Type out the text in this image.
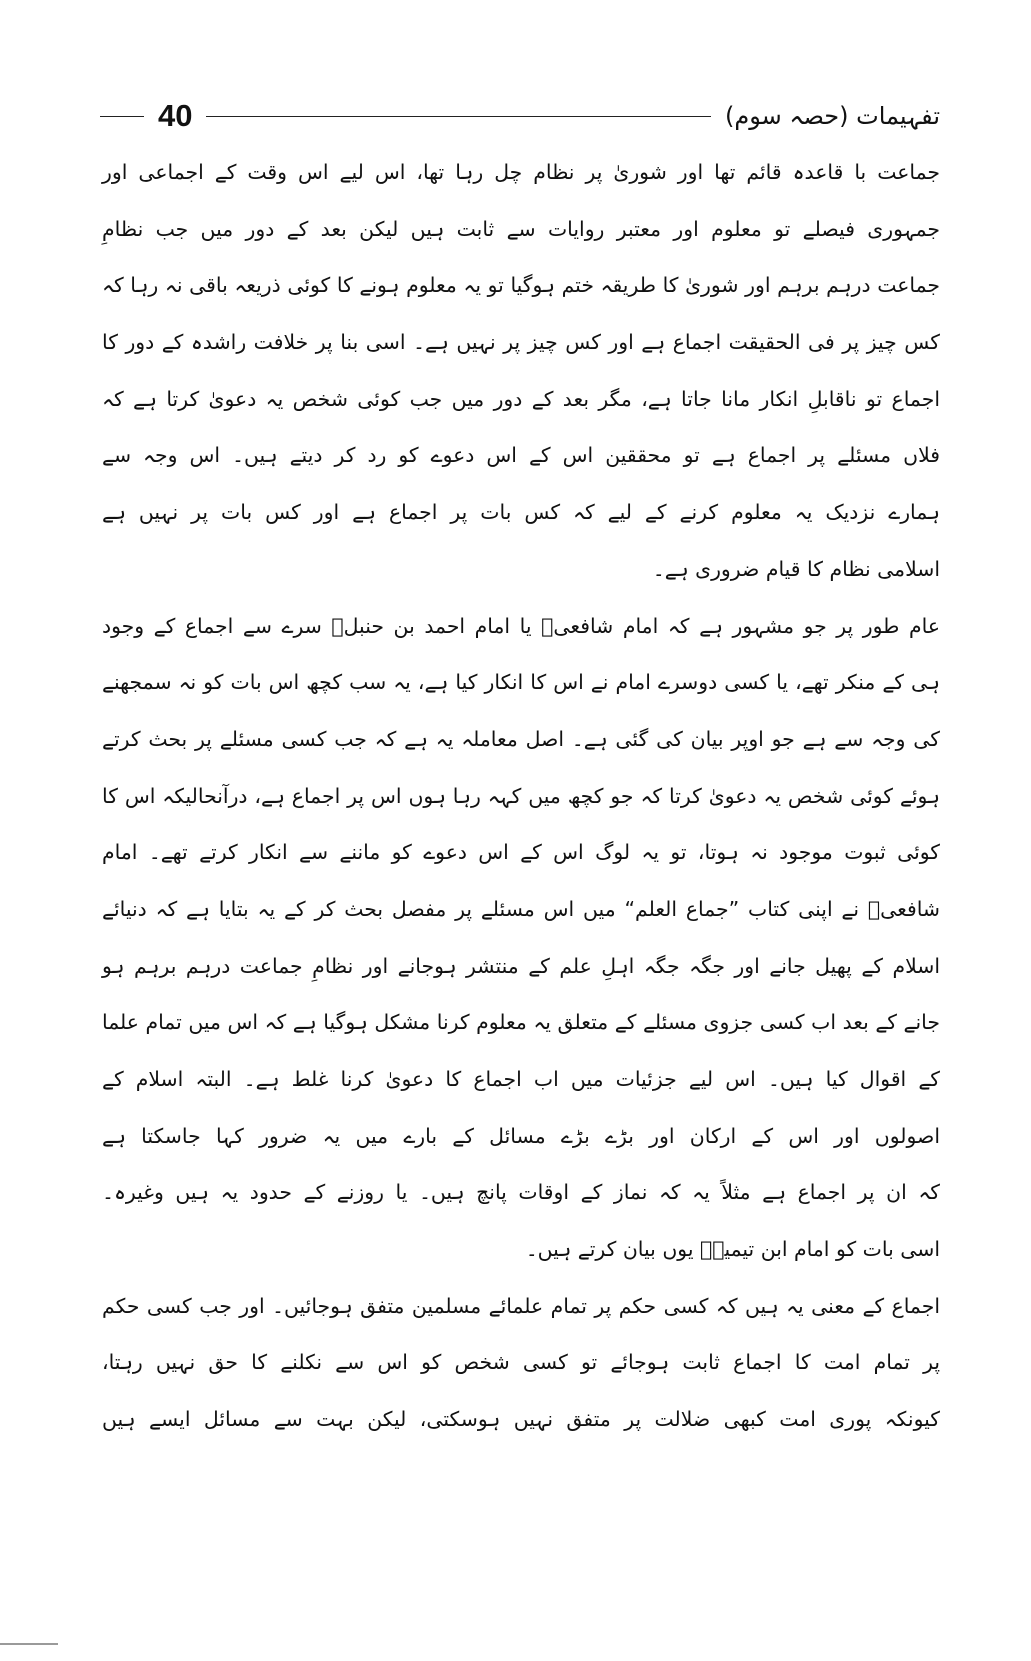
تفہیمات (حصہ سوم)
40
جماعت با قاعدہ قائم تھا اور شوریٰ پر نظام چل رہا تھا، اس لیے اس وقت کے اجماعی اور
جمہوری فیصلے تو معلوم اور معتبر روایات سے ثابت ہیں لیکن بعد کے دور میں جب نظامِ
جماعت درہم برہم اور شوریٰ کا طریقہ ختم ہوگیا تو یہ معلوم ہونے کا کوئی ذریعہ باقی نہ رہا کہ
کس چیز پر فی الحقیقت اجماع ہے اور کس چیز پر نہیں ہے۔ اسی بنا پر خلافت راشدہ کے دور کا
اجماع تو ناقابلِ انکار مانا جاتا ہے، مگر بعد کے دور میں جب کوئی شخص یہ دعویٰ کرتا ہے کہ
فلاں مسئلے پر اجماع ہے تو محققین اس کے اس دعوے کو رد کر دیتے ہیں۔ اس وجہ سے
ہمارے نزدیک یہ معلوم کرنے کے لیے کہ کس بات پر اجماع ہے اور کس بات پر نہیں ہے
اسلامی نظام کا قیام ضروری ہے۔
عام طور پر جو مشہور ہے کہ امام شافعیؒ یا امام احمد بن حنبلؒ سرے سے اجماع کے وجود
ہی کے منکر تھے، یا کسی دوسرے امام نے اس کا انکار کیا ہے، یہ سب کچھ اس بات کو نہ سمجھنے
کی وجہ سے ہے جو اوپر بیان کی گئی ہے۔ اصل معاملہ یہ ہے کہ جب کسی مسئلے پر بحث کرتے
ہوئے کوئی شخص یہ دعویٰ کرتا کہ جو کچھ میں کہہ رہا ہوں اس پر اجماع ہے، درآنحالیکہ اس کا
کوئی ثبوت موجود نہ ہوتا، تو یہ لوگ اس کے اس دعوے کو ماننے سے انکار کرتے تھے۔ امام
شافعیؒ نے اپنی کتاب ”جماع العلم“ میں اس مسئلے پر مفصل بحث کر کے یہ بتایا ہے کہ دنیائے
اسلام کے پھیل جانے اور جگہ جگہ اہلِ علم کے منتشر ہوجانے اور نظامِ جماعت درہم برہم ہو
جانے کے بعد اب کسی جزوی مسئلے کے متعلق یہ معلوم کرنا مشکل ہوگیا ہے کہ اس میں تمام علما
کے اقوال کیا ہیں۔ اس لیے جزئیات میں اب اجماع کا دعویٰ کرنا غلط ہے۔ البتہ اسلام کے
اصولوں اور اس کے ارکان اور بڑے بڑے مسائل کے بارے میں یہ ضرور کہا جاسکتا ہے
کہ ان پر اجماع ہے مثلاً یہ کہ نماز کے اوقات پانچ ہیں۔ یا روزنے کے حدود یہ ہیں وغیرہ۔
اسی بات کو امام ابن تیمیہؒ یوں بیان کرتے ہیں۔
اجماع کے معنی یہ ہیں کہ کسی حکم پر تمام علمائے مسلمین متفق ہوجائیں۔ اور جب کسی حکم
پر تمام امت کا اجماع ثابت ہوجائے تو کسی شخص کو اس سے نکلنے کا حق نہیں رہتا،
کیونکہ پوری امت کبھی ضلالت پر متفق نہیں ہوسکتی، لیکن بہت سے مسائل ایسے ہیں
